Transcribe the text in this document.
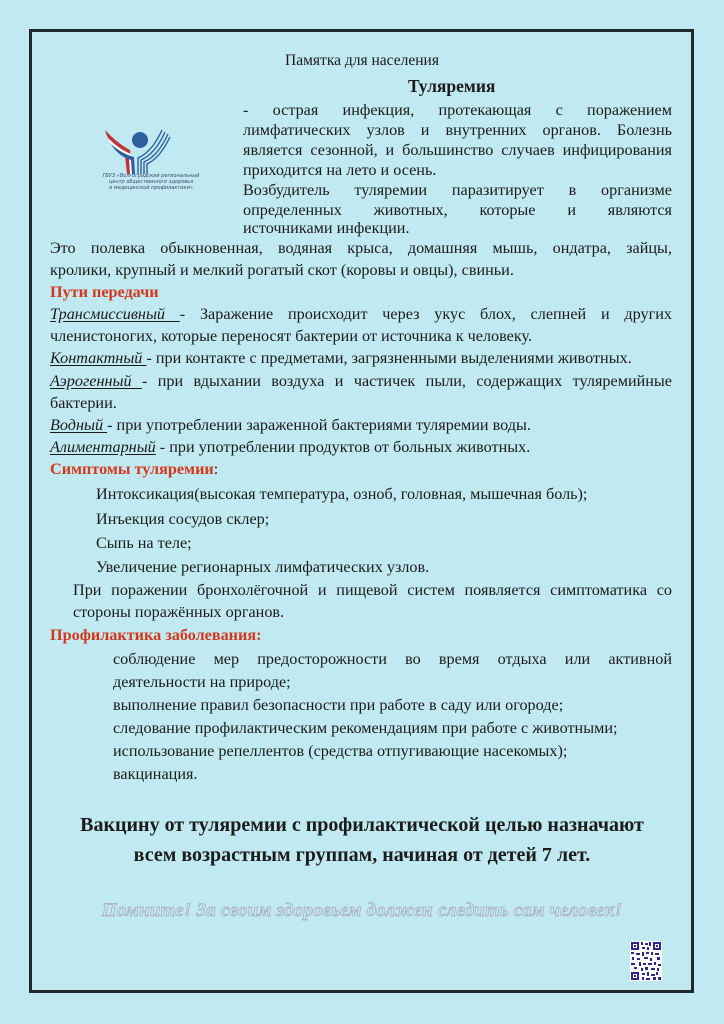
Памятка для населения
Туляремия
ГБУЗ «Волгоградский региональный
центр общественного здоровья
и медицинской профилактики»
- острая инфекция, протекающая с поражением
лимфатических узлов и внутренних органов. Болезнь
является сезонной, и большинство случаев инфицирования
приходится на лето и осень.
Возбудитель туляремии паразитирует в организме
определенных животных, которые и являются
источниками инфекции.
Это полевка обыкновенная, водяная крыса, домашняя мышь, ондатра, зайцы,
кролики, крупный и мелкий рогатый скот (коровы и овцы), свиньи.
Пути передачи
Трансмиссивный - Заражение происходит через укус блох, слепней и других
членистоногих, которые переносят бактерии от источника к человеку.
Контактный - при контакте с предметами, загрязненными выделениями животных.
Аэрогенный - при вдыхании воздуха и частичек пыли, содержащих туляремийные
бактерии.
Водный - при употреблении зараженной бактериями туляремии воды.
Алиментарный - при употреблении продуктов от больных животных.
Симптомы туляремии:
Интоксикация(высокая температура, озноб, головная, мышечная боль);
Инъекция сосудов склер;
Сыпь на теле;
Увеличение регионарных лимфатических узлов.
При поражении бронхолёгочной и пищевой систем появляется симптоматика со
стороны поражённых органов.
Профилактика заболевания:
соблюдение мер предосторожности во время отдыха или активной
деятельности на природе;
выполнение правил безопасности при работе в саду или огороде;
следование профилактическим рекомендациям при работе с животными;
использование репеллентов (средства отпугивающие насекомых);
вакцинация.
Вакцину от туляремии с профилактической целью назначают
всем возрастным группам, начиная от детей 7 лет.
Помните! За своим здоровьем должен следить сам человек!
